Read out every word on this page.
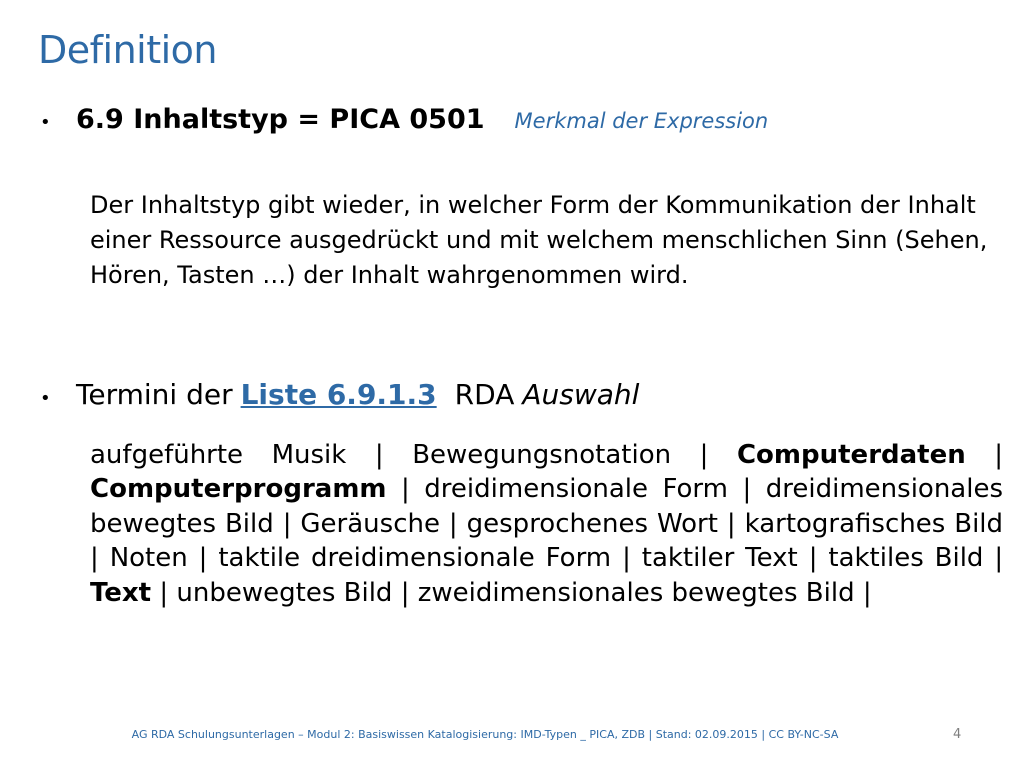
Definition
• 6.9 Inhaltstyp = PICA 0501 Merkmal der Expression
Der Inhaltstyp gibt wieder, in welcher Form der Kommunikation der Inhalt einer Ressource ausgedrückt und mit welchem menschlichen Sinn (Sehen, Hören, Tasten …) der Inhalt wahrgenommen wird.
• Termini der Liste 6.9.1.3 RDA Auswahl
aufgeführte Musik | Bewegungsnotation | Computerdaten | Computerprogramm | dreidimensionale Form | dreidimensionales bewegtes Bild | Geräusche | gesprochenes Wort | kartografisches Bild | Noten | taktile dreidimensionale Form | taktiler Text | taktiles Bild | Text | unbewegtes Bild | zweidimensionales bewegtes Bild |
AG RDA Schulungsunterlagen – Modul 2: Basiswissen Katalogisierung: IMD-Typen _ PICA, ZDB | Stand: 02.09.2015 | CC BY-NC-SA	4
